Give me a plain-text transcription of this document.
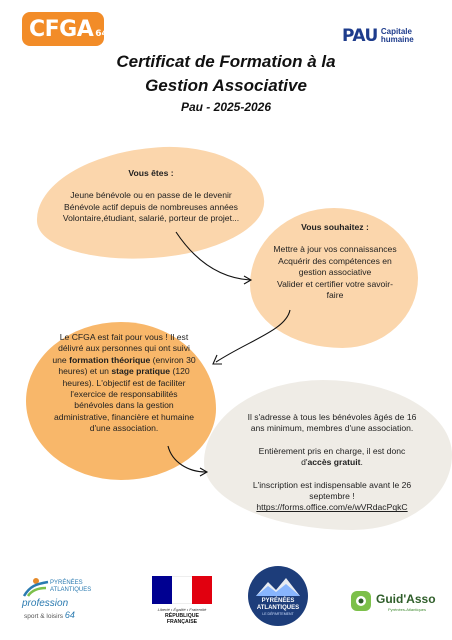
CFGA 64	PAU Capitale
humaine
Certificat de Formation à la
Gestion Associative
Pau - 2025-2026
Vous êtes :
Jeune bénévole ou en passe de le devenir
Bénévole actif depuis de nombreuses années
Volontaire,étudiant, salarié, porteur de projet...
Vous souhaitez :
Mettre à jour vos connaissances
Acquérir des compétences en
gestion associative
Valider et certifier votre savoir-
faire
Le CFGA est fait pour vous ! Il est
délivré aux personnes qui ont suivi
une formation théorique (environ 30
heures) et un stage pratique (120
heures). L'objectif est de faciliter
l'exercice de responsabilités
bénévoles dans la gestion
administrative, financière et humaine
d'une association.
Il s'adresse à tous les bénévoles âgés de 16
ans minimum, membres d'une association.
Entièrement pris en charge, il est donc
d'accès gratuit.
L'inscription est indispensable avant le 26
septembre !
https://forms.office.com/e/wVRdacPqkC
PYRÉNÉES
ATLANTIQUES
profession
sport & loisirs 64
Liberté • Égalité • Fraternité
RÉPUBLIQUE
FRANÇAISE
PYRÉNÉES
ATLANTIQUES
LE DÉPARTEMENT
Guid'Asso
Pyrénées-Atlantiques
